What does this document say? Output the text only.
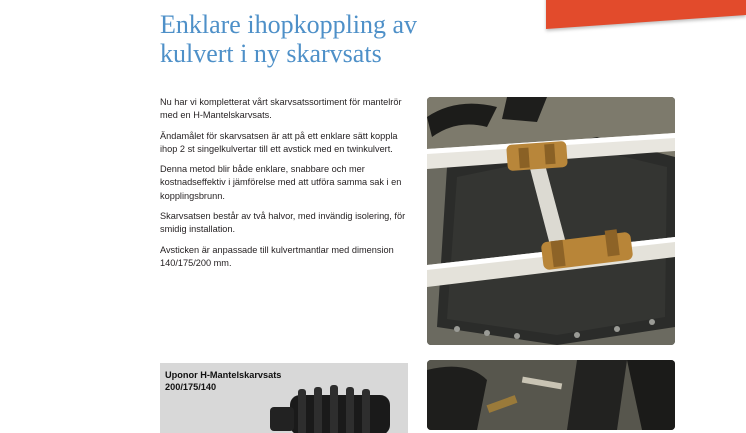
Enklare ihopkoppling av
kulvert i ny skarvsats

Nu har vi kompletterat vårt skarvsatssortiment för mantelrör med en H-Mantelskarvsats.

Ändamålet för skarvsatsen är att på ett enklare sätt koppla ihop 2 st singelkulvertar till ett avstick med en twinkulvert.

Denna metod blir både enklare, snabbare och mer kostnadseffektiv i jämförelse med att utföra samma sak i en kopplingsbrunn.

Skarvsatsen består av två halvor, med invändig isolering, för smidig installation.

Avsticken är anpassade till kulvertmantlar med dimension 140/175/200 mm.

Uponor H-Mantelskarvsats
200/175/140
